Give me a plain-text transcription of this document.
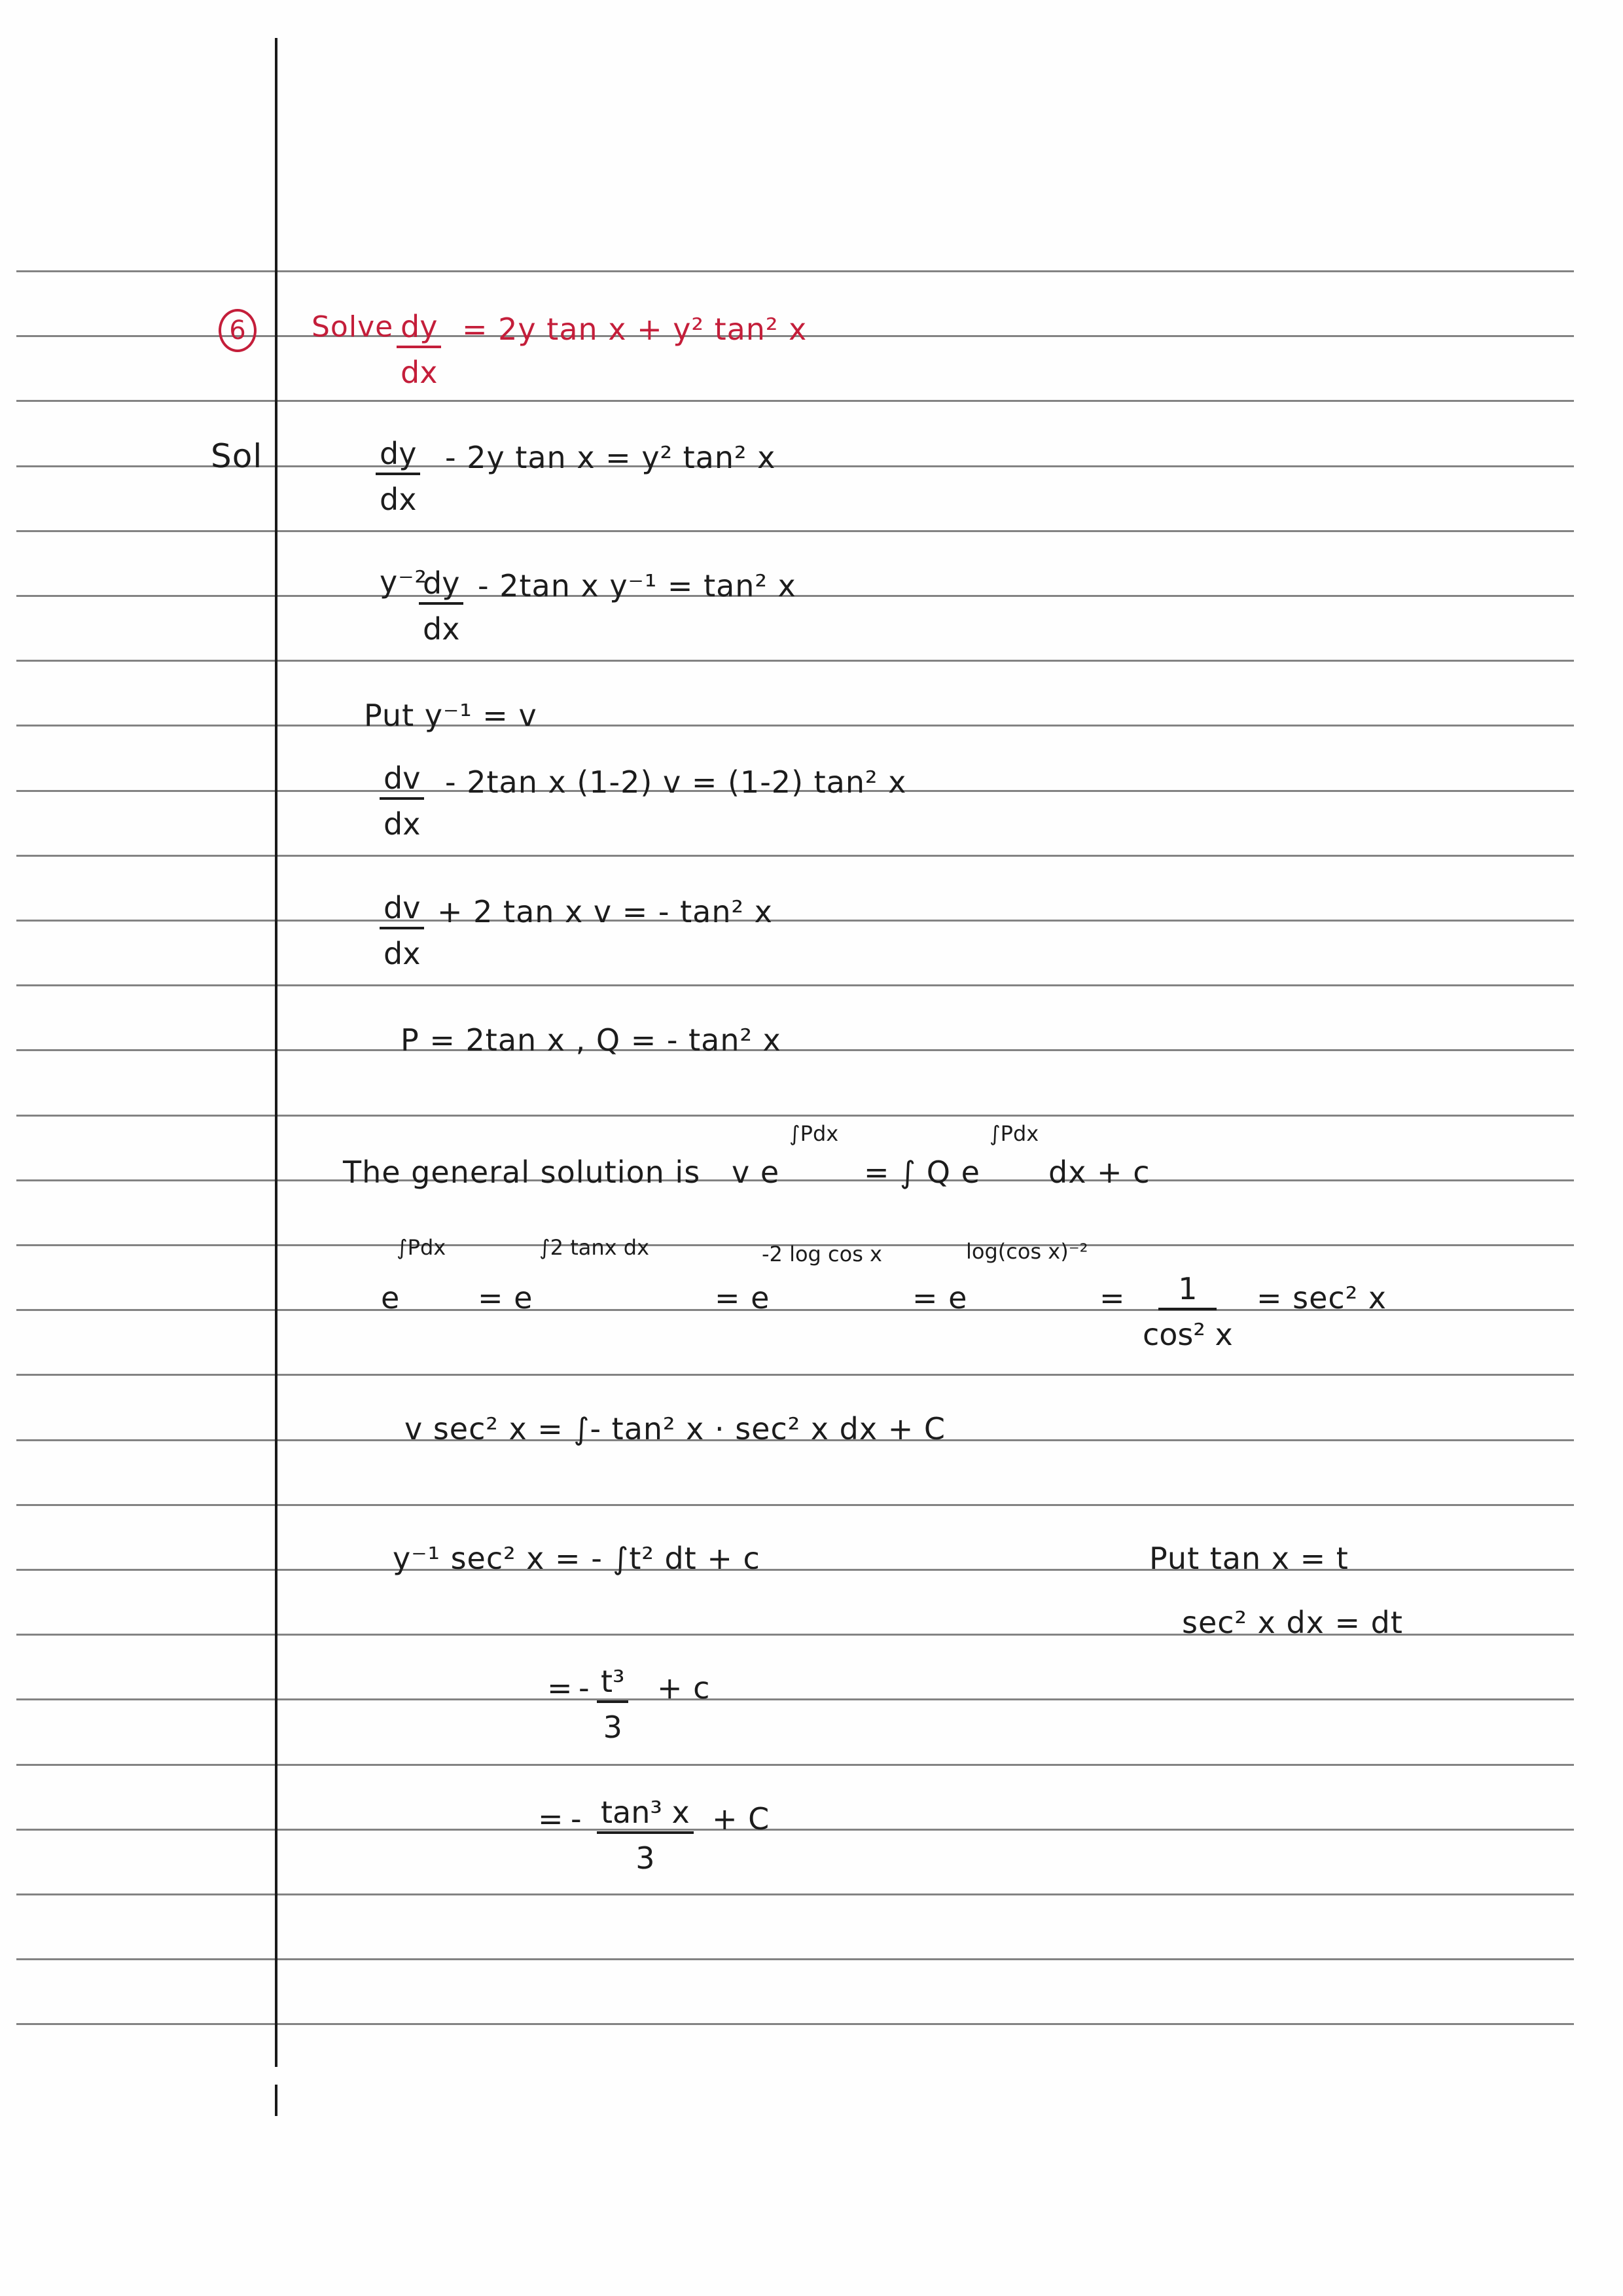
6 Solve $\frac{dy}{dx} = 2y$ tan x + y² tan² x
Sol	$\frac{dy}{dx} - 2y$ tan x = y² tan² x
y⁻²
$\frac{dy}{dx} - 2\tan$ x y⁻¹ = tan² x
Put y⁻¹ = v
$\frac{dv}{dx} - 2\tan$ x (1-2) v = (1-2) tan² x
$\frac{dv}{dx} + 2$ tan x v = - tan² x
P = 2tan x , Q = - tan² x
The general solution is v e
∫Pdx
= ∫ Q e
∫Pdx
dx + c
∫Pdx
e
∫2 tanx dx
= e
-2 log cos x
= e
log(cos x)⁻²
= e	= $\frac{1}{\text{cos² x}} = \sec^2$ x
v sec² x = ∫- tan² x · sec² x dx + C
y⁻¹ sec² x = - ∫t² dt + c	Put tan x = t
sec² x dx = dt
= - $\frac{\text{t³}}{3} + c$
= - $\frac{\text{tan³ x}}{3} + C$
